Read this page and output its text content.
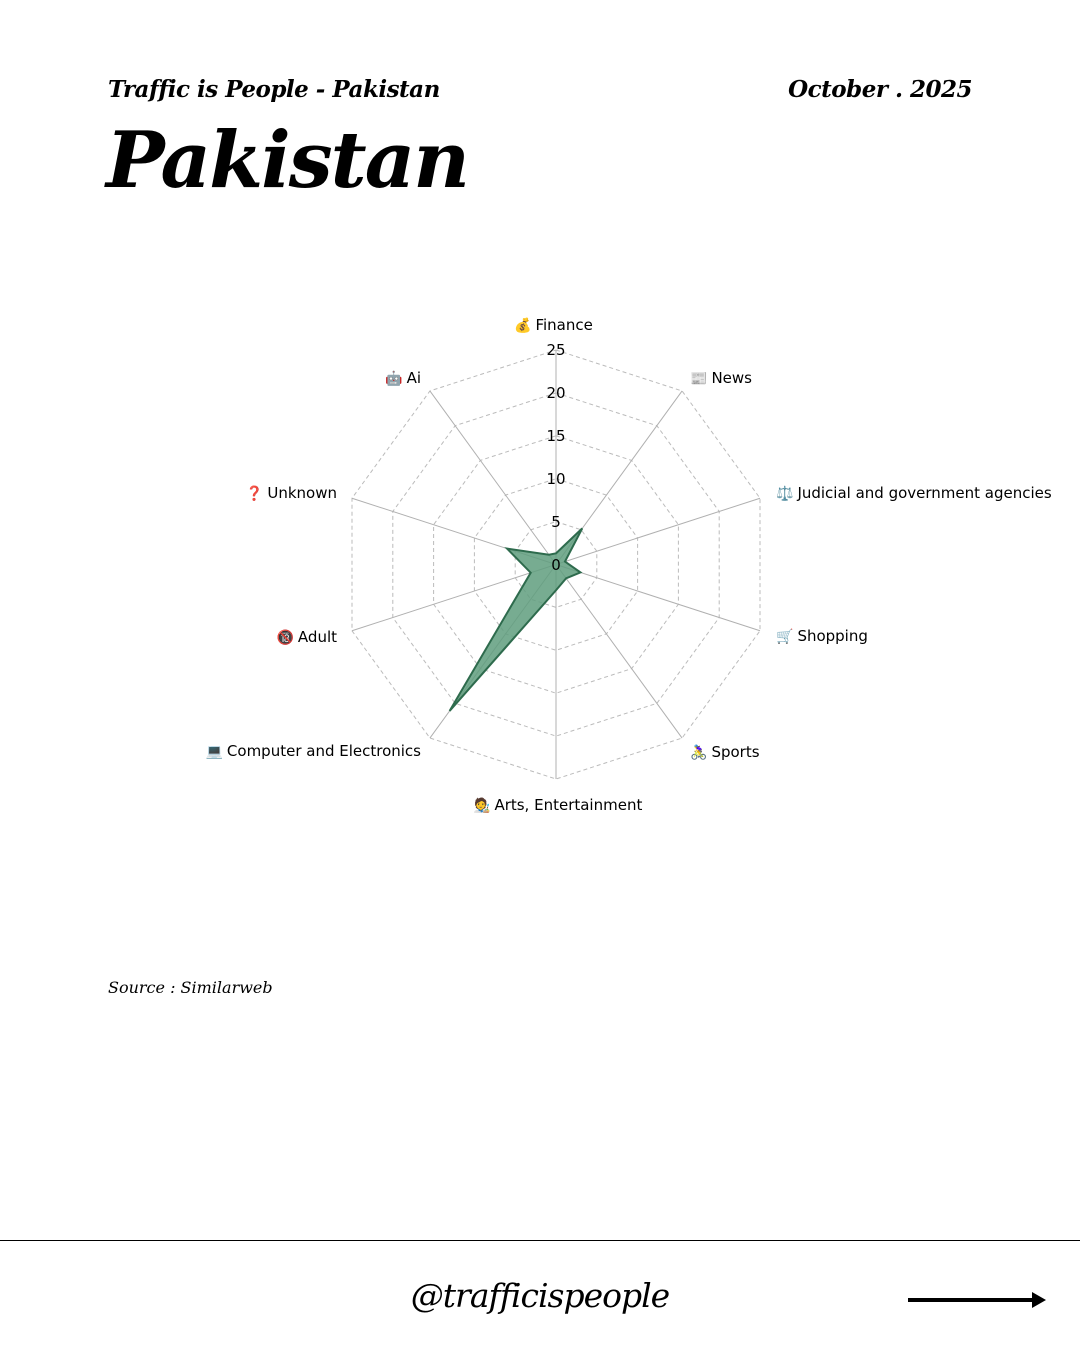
Traffic is People - Pakistan	October . 2025
Pakistan
0
5
10
15
20
25
💰 Finance
📰 News
⚖️ Judicial and government agencies
🛒 Shopping
🚴‍♀️ Sports
🧑‍🎨 Arts, Entertainment
💻 Computer and Electronics
🔞 Adult
❓ Unknown
🤖 Ai
Source : Similarweb
@trafficispeople
